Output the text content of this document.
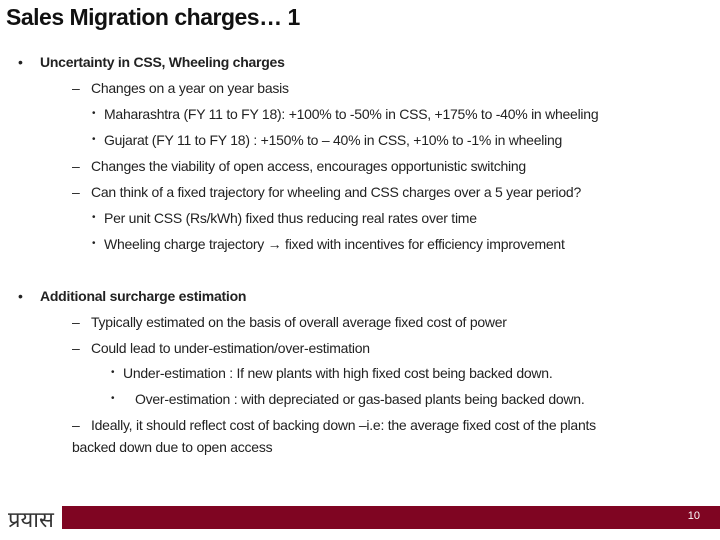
Sales Migration charges… 1
• Uncertainty in CSS, Wheeling charges
– Changes on a year on year basis
• Maharashtra (FY 11 to FY 18): +100% to -50% in CSS, +175% to -40% in wheeling
• Gujarat (FY 11 to FY 18) : +150% to – 40% in CSS, +10% to -1% in wheeling
– Changes the viability of open access, encourages opportunistic switching
– Can think of a fixed trajectory for wheeling and CSS charges over a 5 year period?
• Per unit CSS (Rs/kWh) fixed thus reducing real rates over time
• Wheeling charge trajectory → fixed with incentives for efficiency improvement
• Additional surcharge estimation
– Typically estimated on the basis of overall average fixed cost of power
– Could lead to under-estimation/over-estimation
• Under-estimation : If new plants with high fixed cost being backed down.
• Over-estimation : with depreciated or gas-based plants being backed down.
– Ideally, it should reflect cost of backing down –i.e: the average fixed cost of the plants
backed down due to open access
प्रयास	10
